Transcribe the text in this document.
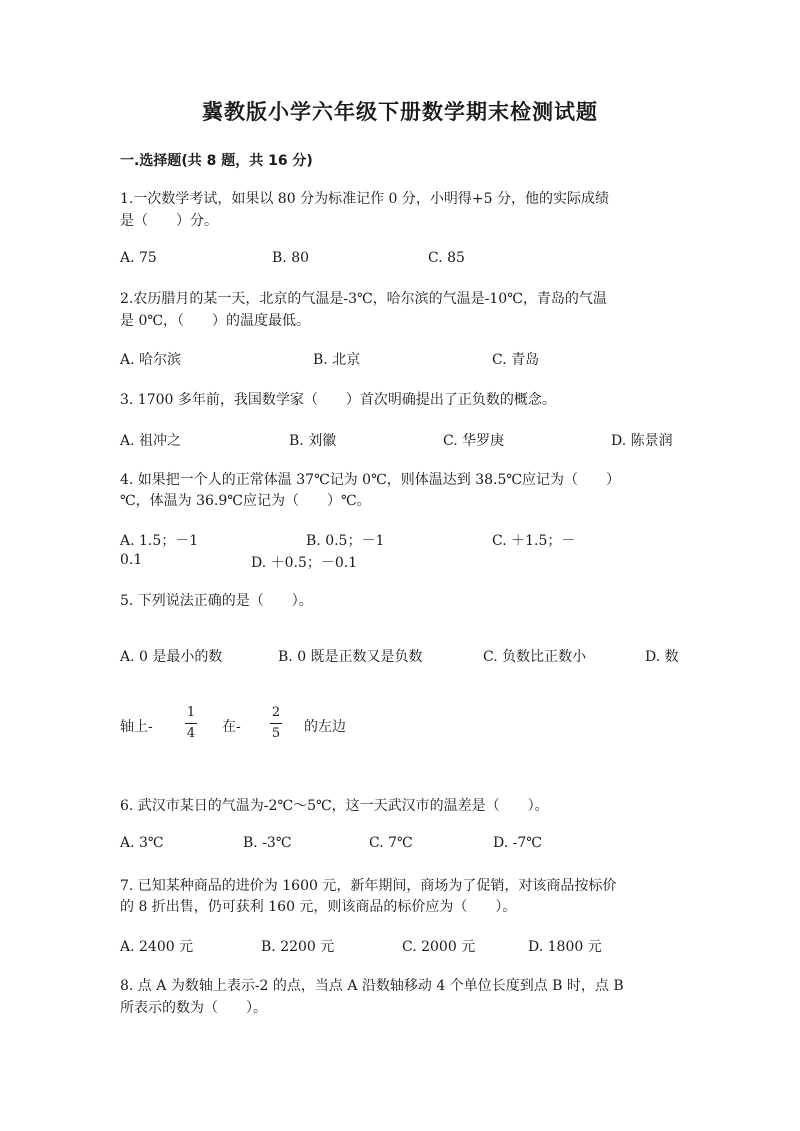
冀教版小学六年级下册数学期末检测试题
一.选择题(共 8 题，共 16 分)
1.一次数学考试，如果以 80 分为标准记作 0 分，小明得+5 分，他的实际成绩
是（　　）分。
A. 75	B. 80	C. 85
2.农历腊月的某一天，北京的气温是-3℃，哈尔滨的气温是-10℃，青岛的气温
是 0℃，（　　）的温度最低。
A. 哈尔滨	B. 北京	C. 青岛
3. 1700 多年前，我国数学家（　　）首次明确提出了正负数的概念。
A. 祖冲之	B. 刘徽	C. 华罗庚	D. 陈景润
4. 如果把一个人的正常体温 37℃记为 0℃，则体温达到 38.5℃应记为（　　）
℃，体温为 36.9℃应记为（　　）℃。
A. 1.5；－1	B. 0.5；－1	C. ＋1.5；－
0.1	D. ＋0.5；－0.1
5. 下列说法正确的是（　　）。
A. 0 是最小的数	B. 0 既是正数又是负数	C. 负数比正数小	D. 数
轴上-
1
4 在-
2
5 的左边
6. 武汉市某日的气温为-2℃～5℃，这一天武汉市的温差是（　　）。
A. 3℃	B. -3℃	C. 7℃	D. -7℃
7. 已知某种商品的进价为 1600 元，新年期间，商场为了促销，对该商品按标价
的 8 折出售，仍可获利 160 元，则该商品的标价应为（　　）。
A. 2400 元	B. 2200 元	C. 2000 元	D. 1800 元
8. 点 A 为数轴上表示-2 的点，当点 A 沿数轴移动 4 个单位长度到点 B 时，点 B
所表示的数为（　　）。
